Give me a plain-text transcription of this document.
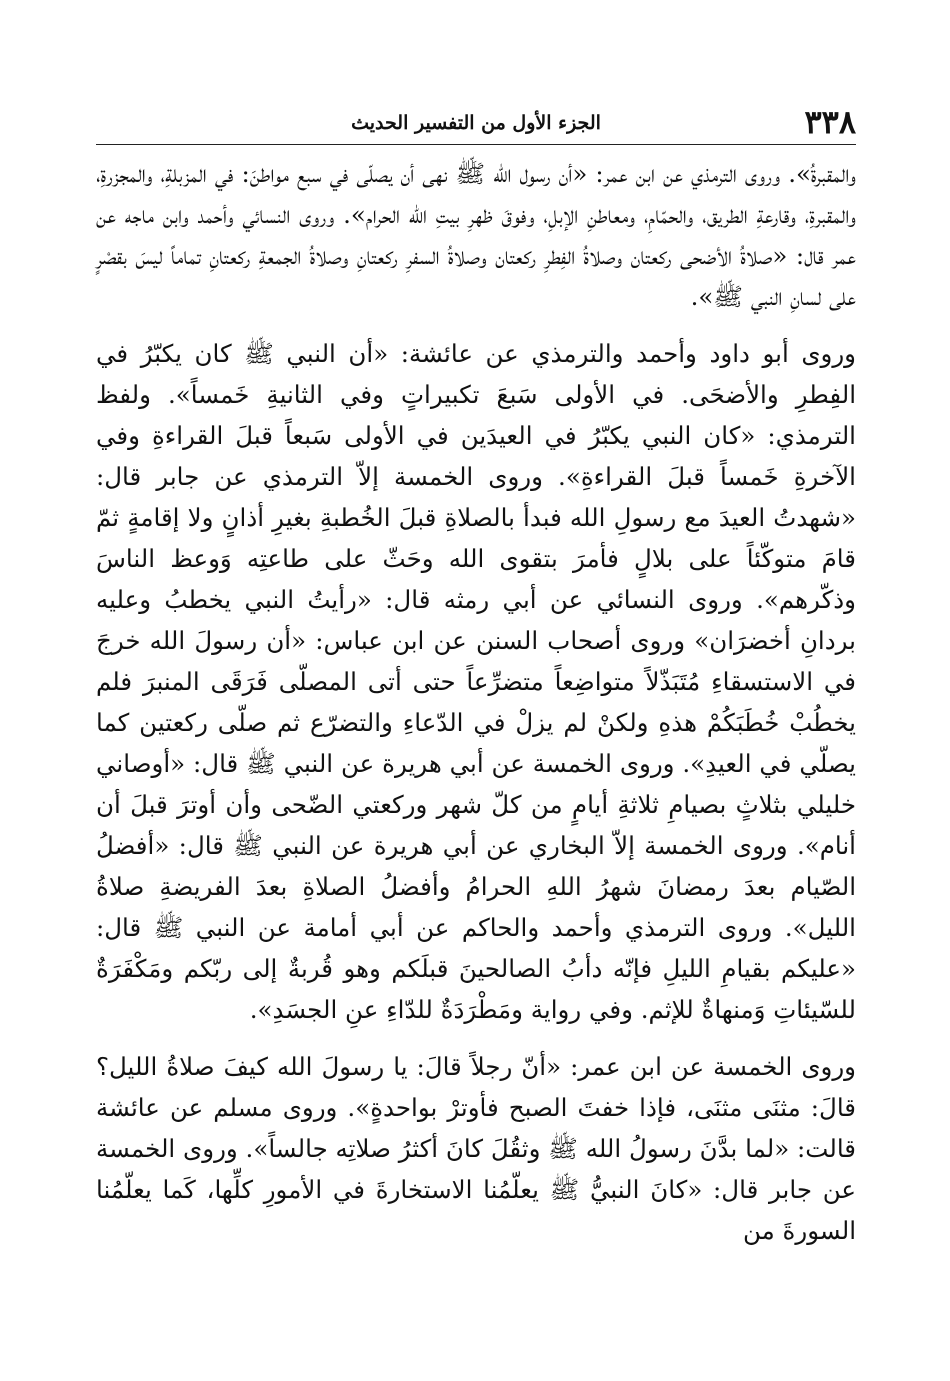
٣٣٨
الجزء الأول من التفسير الحديث

والمقبرةُ». وروى الترمذي عن ابن عمر: «أن رسول الله ﷺ نهى أن يصلّى في سبع مواطنَ: في المزبلةِ، والمجزرةِ، والمقبرةِ، وقارعةِ الطريق، والحمّامِ، ومعاطنِ الإبلِ، وفوقَ ظهرِ بيتِ الله الحرام». وروى النسائي وأحمد وابن ماجه عن عمر قال: «صلاةُ الأضحى ركعتان وصلاةُ الفِطرِ ركعتان وصلاةُ السفرِ ركعتانِ وصلاةُ الجمعةِ ركعتانِ تماماً ليسَ بقصْرٍ على لسانِ النبي ﷺ».

وروى أبو داود وأحمد والترمذي عن عائشة: «أن النبي ﷺ كان يكبّرُ في الفِطرِ والأضحَى. في الأولى سَبعَ تكبيراتٍ وفي الثانيةِ خَمساً». ولفظ الترمذي: «كان النبي يكبّرُ في العيدَين في الأولى سَبعاً قبلَ القراءةِ وفي الآخرةِ خَمساً قبلَ القراءةِ». وروى الخمسة إلاّ الترمذي عن جابر قال: «شهدتُ العيدَ مع رسولِ الله فبدأ بالصلاةِ قبلَ الخُطبةِ بغيرِ أذانٍ ولا إقامةٍ ثمّ قامَ متوكّئاً على بلالٍ فأمرَ بتقوى الله وحَثّ على طاعتِه وَوعظ الناسَ وذكّرهم». وروى النسائي عن أبي رمثه قال: «رأيتُ النبي يخطبُ وعليه بردانِ أخضرَان» وروى أصحاب السنن عن ابن عباس: «أن رسولَ الله خرجَ في الاستسقاءِ مُتَبَذّلاً متواضِعاً متضرِّعاً حتى أتى المصلّى فَرَقَى المنبرَ فلم يخطُبْ خُطَبَكُمْ هذهِ ولكنْ لم يزلْ في الدّعاءِ والتضرّع ثم صلّى ركعتين كما يصلّي في العيدِ». وروى الخمسة عن أبي هريرة عن النبي ﷺ قال: «أوصاني خليلي بثلاثٍ بصيامِ ثلاثةِ أيامٍ من كلّ شهر وركعتي الضّحى وأن أوترَ قبلَ أن أنام». وروى الخمسة إلاّ البخاري عن أبي هريرة عن النبي ﷺ قال: «أفضلُ الصّيام بعدَ رمضانَ شهرُ اللهِ الحرامُ وأفضلُ الصلاةِ بعدَ الفريضةِ صلاةُ الليل». وروى الترمذي وأحمد والحاكم عن أبي أمامة عن النبي ﷺ قال: «عليكم بقيامِ الليلِ فإنّه دأبُ الصالحينَ قبلَكم وهو قُربةٌ إلى ربّكم ومَكْفَرَةٌ للسّيئاتِ وَمنهاةٌ للإثم. وفي رواية ومَطْرَدَةٌ للدّاءِ عنِ الجسَدِ».

وروى الخمسة عن ابن عمر: «أنّ رجلاً قالَ: يا رسولَ الله كيفَ صلاةُ الليل؟ قالَ: مثنَى مثنَى، فإذا خفتَ الصبح فأوترْ بواحدةٍ». وروى مسلم عن عائشة قالت: «لما بدَّنَ رسولُ الله ﷺ وثقُلَ كانَ أكثرُ صلاتِه جالساً». وروى الخمسة عن جابر قال: «كانَ النبيُّ ﷺ يعلّمُنا الاستخارةَ في الأمورِ كلِّها، كَما يعلّمُنا السورةَ من
